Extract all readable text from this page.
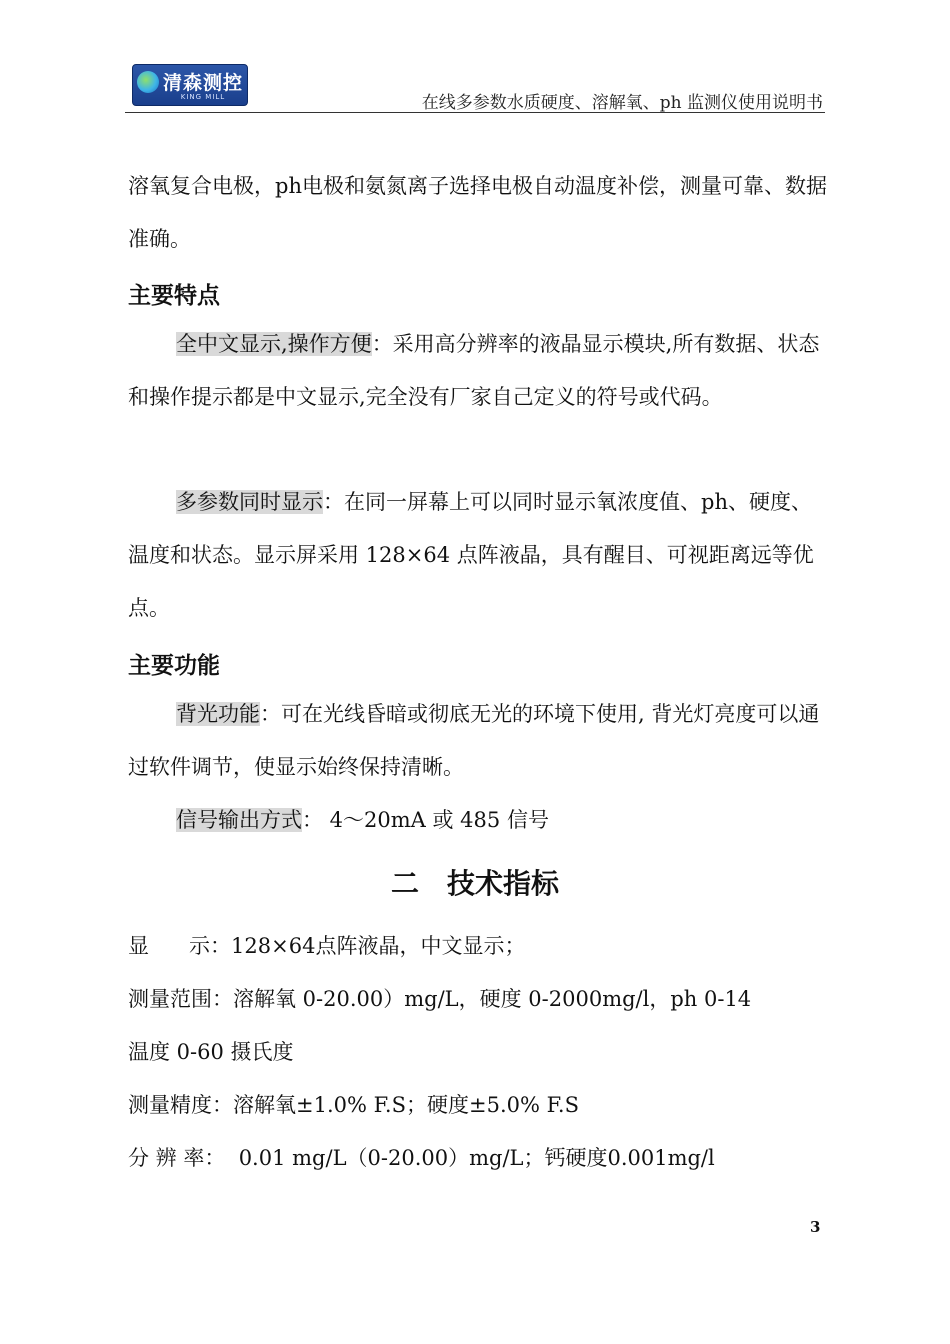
清森测控
KING MILL	在线多参数水质硬度、溶解氧、ph 监测仪使用说明书

溶氧复合电极，ph电极和氨氮离子选择电极自动温度补偿，测量可靠、数据准确。

主要特点

全中文显示,操作方便：采用高分辨率的液晶显示模块,所有数据、状态和操作提示都是中文显示,完全没有厂家自己定义的符号或代码。

多参数同时显示：在同一屏幕上可以同时显示氧浓度值、ph、硬度、温度和状态。显示屏采用 128×64 点阵液晶，具有醒目、可视距离远等优点。

主要功能

背光功能：可在光线昏暗或彻底无光的环境下使用, 背光灯亮度可以通过软件调节，使显示始终保持清晰。

信号输出方式： 4～20mA 或 485 信号

二 技术指标
显      示：128×64点阵液晶，中文显示；
测量范围：溶解氧 0-20.00）mg/L，硬度 0-2000mg/l，ph 0-14
温度 0-60 摄氏度
测量精度：溶解氧±1.0% F.S；硬度±5.0% F.S
分 辨 率：  0.01 mg/L（0-20.00）mg/L；钙硬度0.001mg/l
3
